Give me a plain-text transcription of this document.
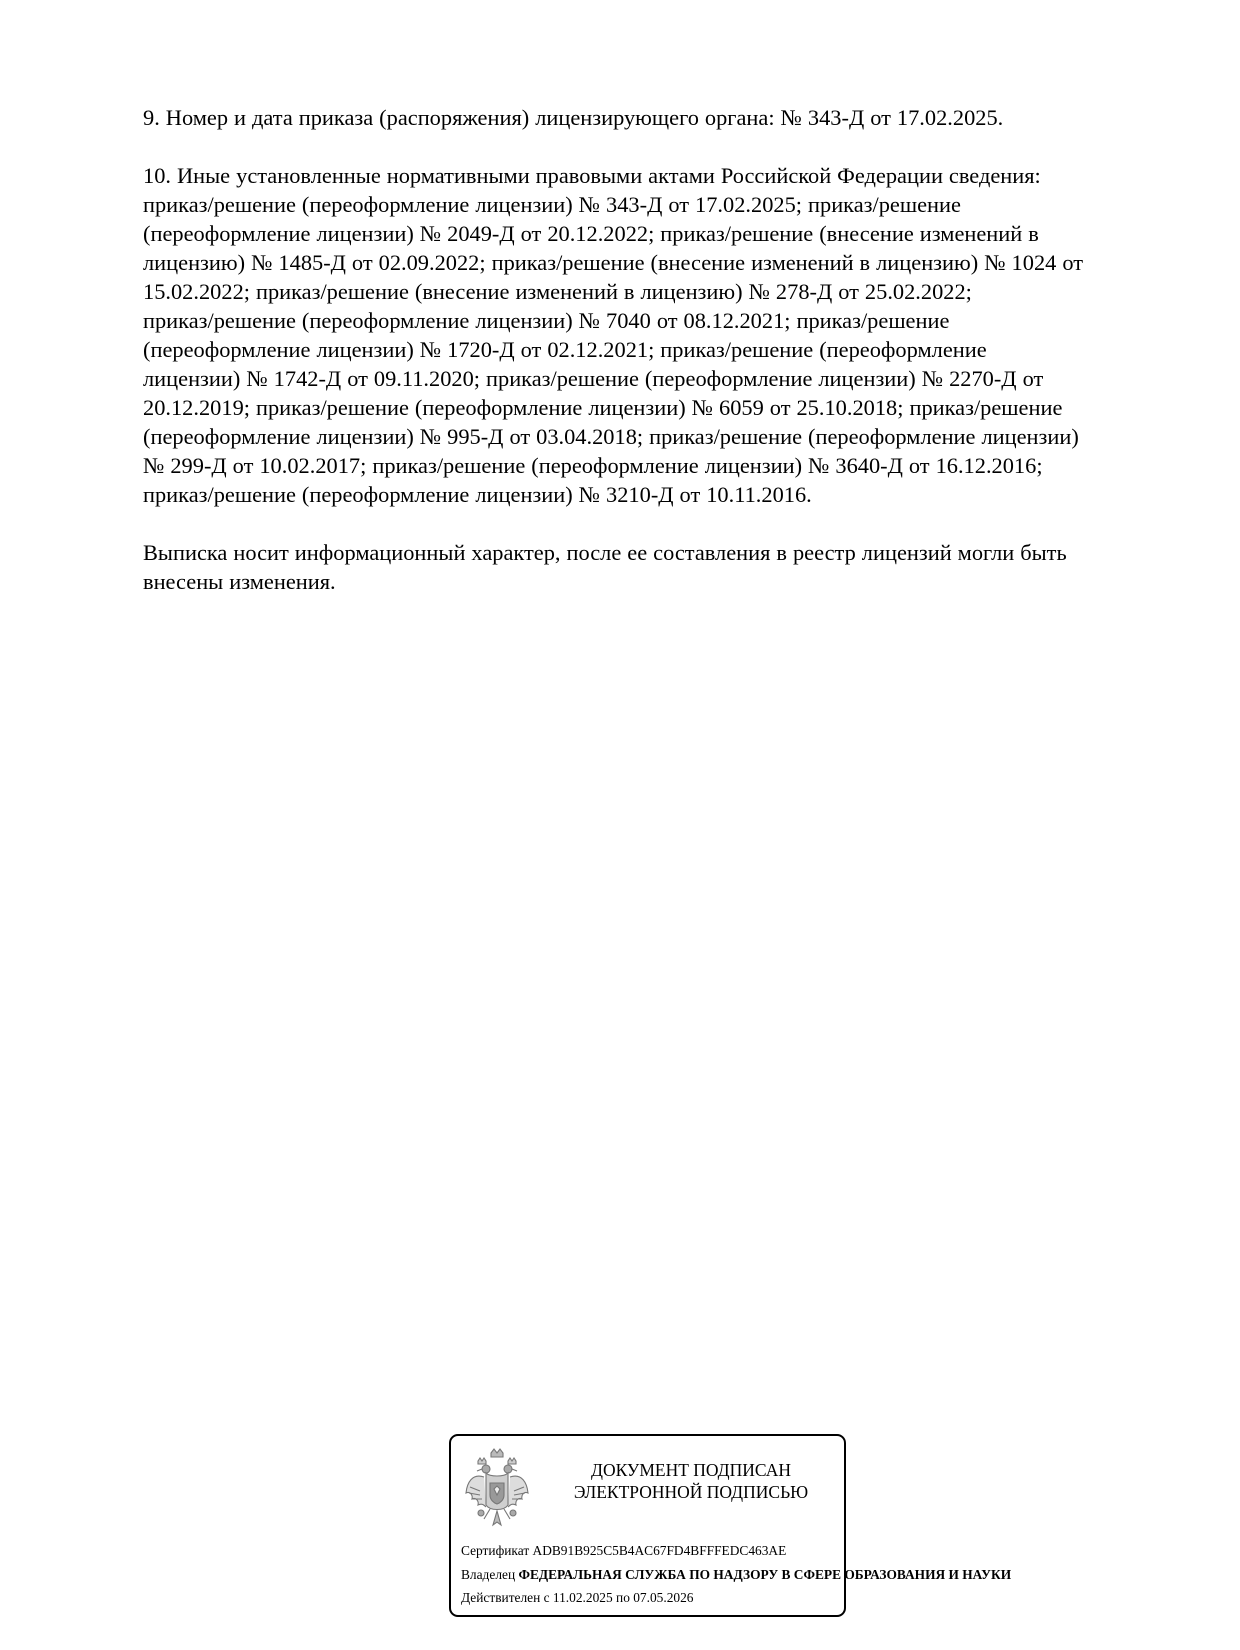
9. Номер и дата приказа (распоряжения) лицензирующего органа: № 343-Д от 17.02.2025.

10. Иные установленные нормативными правовыми актами Российской Федерации сведения:
приказ/решение (переоформление лицензии) № 343-Д от 17.02.2025; приказ/решение
(переоформление лицензии) № 2049-Д от 20.12.2022; приказ/решение (внесение изменений в
лицензию) № 1485-Д от 02.09.2022; приказ/решение (внесение изменений в лицензию) № 1024 от
15.02.2022; приказ/решение (внесение изменений в лицензию) № 278-Д от 25.02.2022;
приказ/решение (переоформление лицензии) № 7040 от 08.12.2021; приказ/решение
(переоформление лицензии) № 1720-Д от 02.12.2021; приказ/решение (переоформление
лицензии) № 1742-Д от 09.11.2020; приказ/решение (переоформление лицензии) № 2270-Д от
20.12.2019; приказ/решение (переоформление лицензии) № 6059 от 25.10.2018; приказ/решение
(переоформление лицензии) № 995-Д от 03.04.2018; приказ/решение (переоформление лицензии)
№ 299-Д от 10.02.2017; приказ/решение (переоформление лицензии) № 3640-Д от 16.12.2016;
приказ/решение (переоформление лицензии) № 3210-Д от 10.11.2016.

Выписка носит информационный характер, после ее составления в реестр лицензий могли быть
внесены изменения.

ДОКУМЕНТ ПОДПИСАН
ЭЛЕКТРОННОЙ ПОДПИСЬЮ
Сертификат ADB91B925C5B4AC67FD4BFFFEDC463AE
Владелец ФЕДЕРАЛЬНАЯ СЛУЖБА ПО НАДЗОРУ В СФЕРЕ ОБРАЗОВАНИЯ И НАУКИ
Действителен с 11.02.2025 по 07.05.2026
